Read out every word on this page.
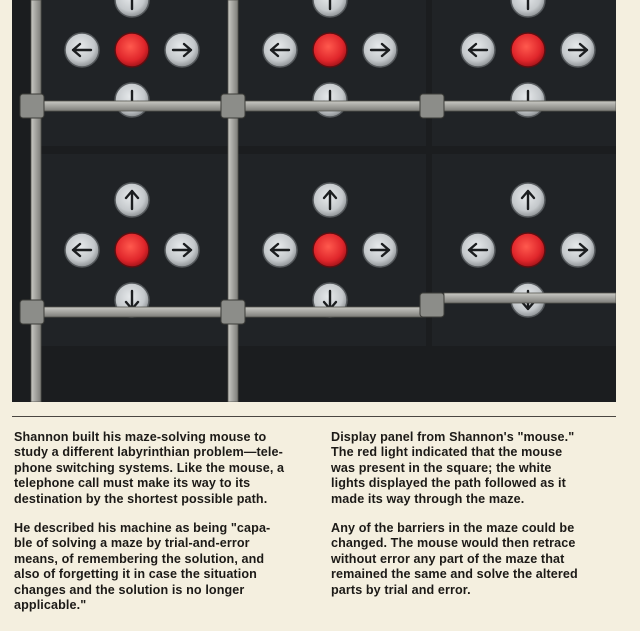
Shannon built his maze-solving mouse to
study a different labyrinthian problem—tele-
phone switching systems. Like the mouse, a
telephone call must make its way to its
destination by the shortest possible path.

He described his machine as being "capa-
ble of solving a maze by trial-and-error
means, of remembering the solution, and
also of forgetting it in case the situation
changes and the solution is no longer
applicable."

Display panel from Shannon's "mouse."
The red light indicated that the mouse
was present in the square; the white
lights displayed the path followed as it
made its way through the maze.

Any of the barriers in the maze could be
changed. The mouse would then retrace
without error any part of the maze that
remained the same and solve the altered
parts by trial and error.
